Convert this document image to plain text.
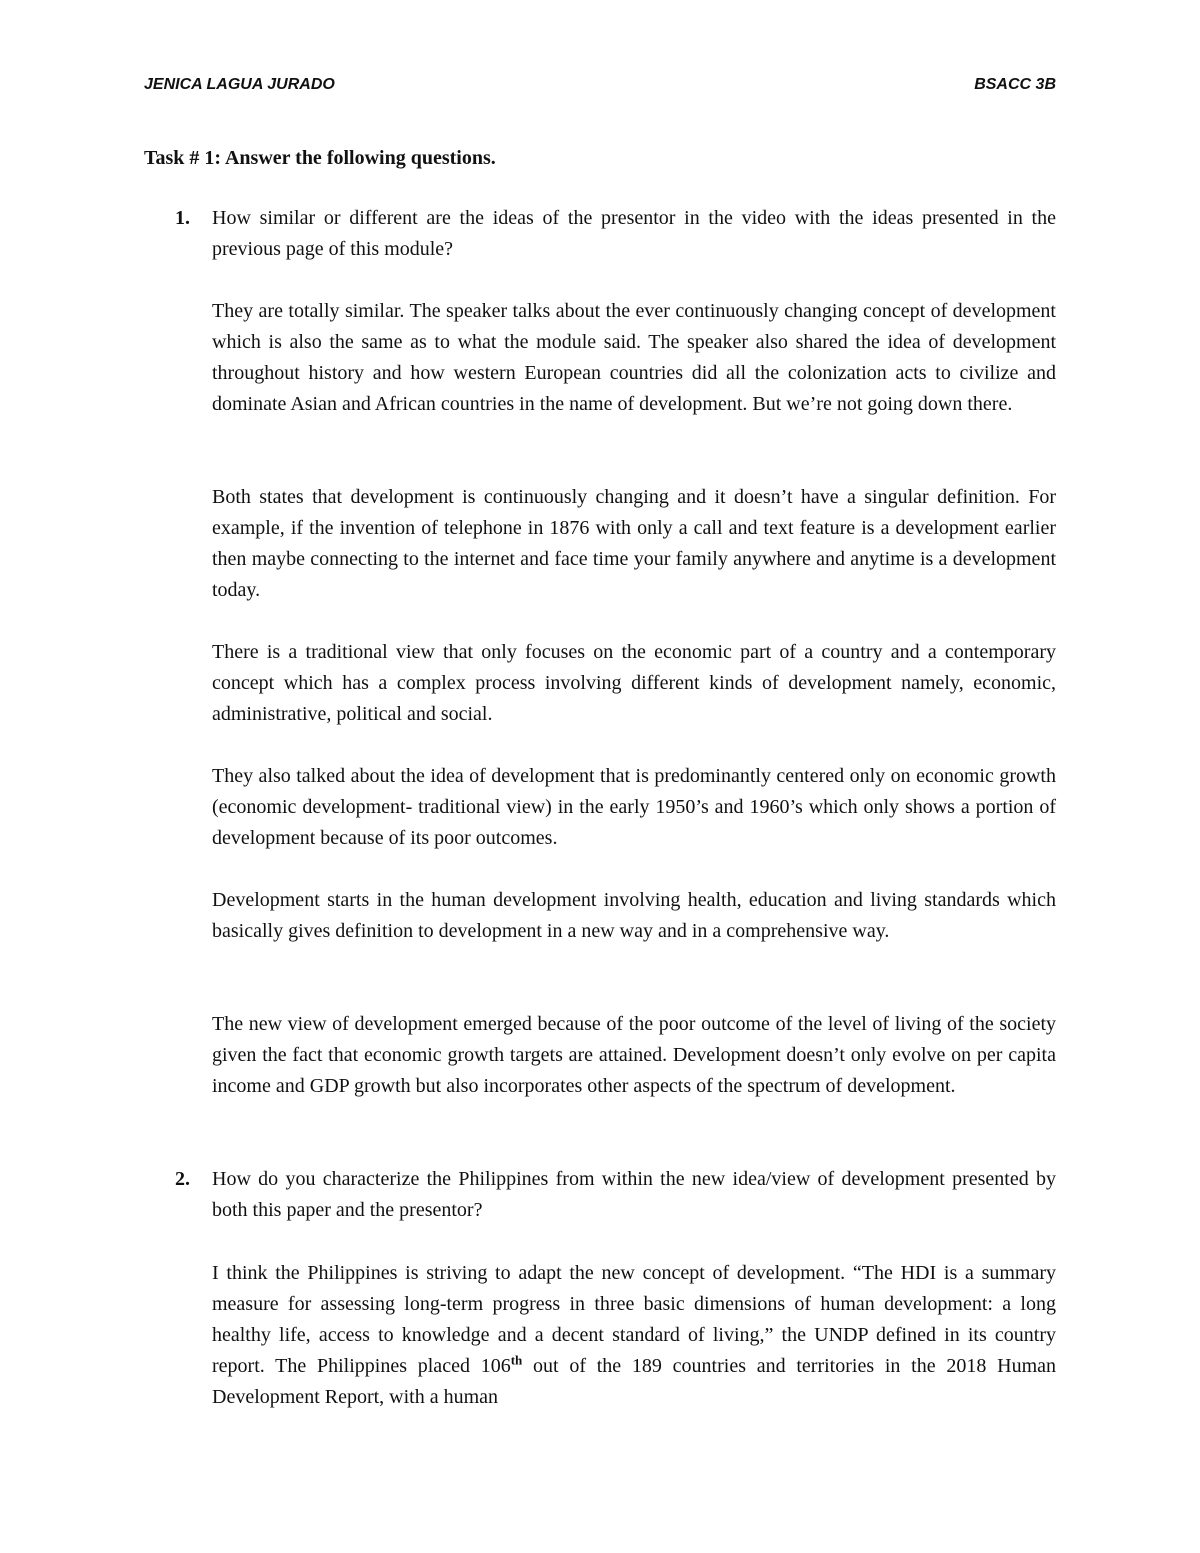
JENICA LAGUA JURADO	BSACC 3B
Task # 1: Answer the following questions.
1. How similar or different are the ideas of the presentor in the video with the ideas presented in the previous page of this module?

They are totally similar. The speaker talks about the ever continuously changing concept of development which is also the same as to what the module said. The speaker also shared the idea of development throughout history and how western European countries did all the colonization acts to civilize and dominate Asian and African countries in the name of development. But we’re not going down there.

Both states that development is continuously changing and it doesn’t have a singular definition. For example, if the invention of telephone in 1876 with only a call and text feature is a development earlier then maybe connecting to the internet and face time your family anywhere and anytime is a development today.

There is a traditional view that only focuses on the economic part of a country and a contemporary concept which has a complex process involving different kinds of development namely, economic, administrative, political and social.

They also talked about the idea of development that is predominantly centered only on economic growth (economic development- traditional view) in the early 1950’s and 1960’s which only shows a portion of development because of its poor outcomes.

Development starts in the human development involving health, education and living standards which basically gives definition to development in a new way and in a comprehensive way.

The new view of development emerged because of the poor outcome of the level of living of the society given the fact that economic growth targets are attained. Development doesn’t only evolve on per capita income and GDP growth but also incorporates other aspects of the spectrum of development.

2. How do you characterize the Philippines from within the new idea/view of development presented by both this paper and the presentor?

I think the Philippines is striving to adapt the new concept of development. “The HDI is a summary measure for assessing long-term progress in three basic dimensions of human development: a long healthy life, access to knowledge and a decent standard of living,” the UNDP defined in its country report. The Philippines placed 106th out of the 189 countries and territories in the 2018 Human Development Report, with a human
